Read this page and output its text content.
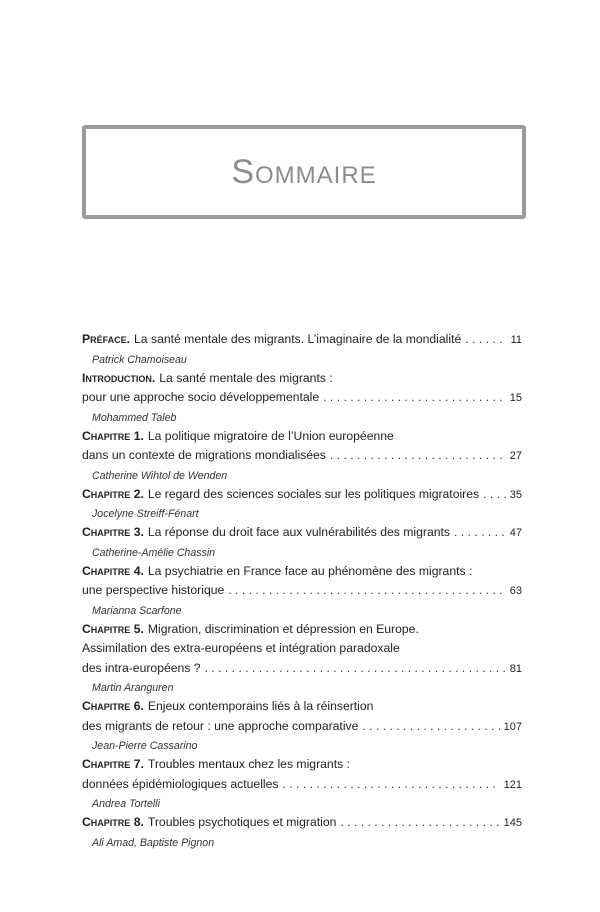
Sommaire
Préface. La santé mentale des migrants. L’imaginaire de la mondialité . . .	11
Patrick Chamoiseau
Introduction. La santé mentale des migrants :
pour une approche socio développementale . . .	15
Mohammed Taleb
Chapitre 1. La politique migratoire de l’Union européenne
dans un contexte de migrations mondialisées . . .	27
Catherine Wihtol de Wenden
Chapitre 2. Le regard des sciences sociales sur les politiques migratoires . . .	35
Jocelyne Streiff-Fénart
Chapitre 3. La réponse du droit face aux vulnérabilités des migrants . . .	47
Catherine-Amélie Chassin
Chapitre 4. La psychiatrie en France face au phénomène des migrants :
une perspective historique . . .	63
Marianna Scarfone
Chapitre 5. Migration, discrimination et dépression en Europe.
Assimilation des extra-européens et intégration paradoxale
des intra-européens ? . . .	81
Martin Aranguren
Chapitre 6. Enjeux contemporains liés à la réinsertion
des migrants de retour : une approche comparative . . .	107
Jean-Pierre Cassarino
Chapitre 7. Troubles mentaux chez les migrants :
données épidémiologiques actuelles . . .	121
Andrea Tortelli
Chapitre 8. Troubles psychotiques et migration . . .	145
Ali Amad, Baptiste Pignon
